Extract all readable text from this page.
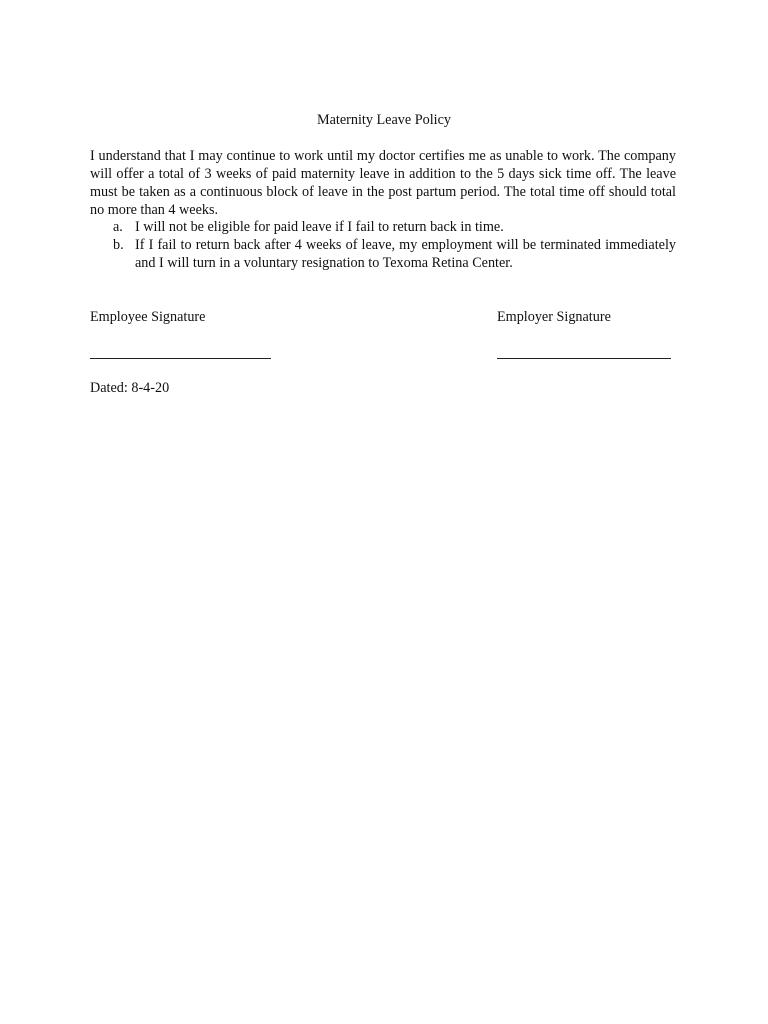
Maternity Leave Policy
I understand that I may continue to work until my doctor certifies me as unable to work. The company will offer a total of 3 weeks of paid maternity leave in addition to the 5 days sick time off. The leave must be taken as a continuous block of leave in the post partum period. The total time off should total no more than 4 weeks.
a. I will not be eligible for paid leave if I fail to return back in time.
b. If I fail to return back after 4 weeks of leave, my employment will be terminated immediately and I will turn in a voluntary resignation to Texoma Retina Center.
Employee Signature	Employer Signature
Dated: 8-4-20
